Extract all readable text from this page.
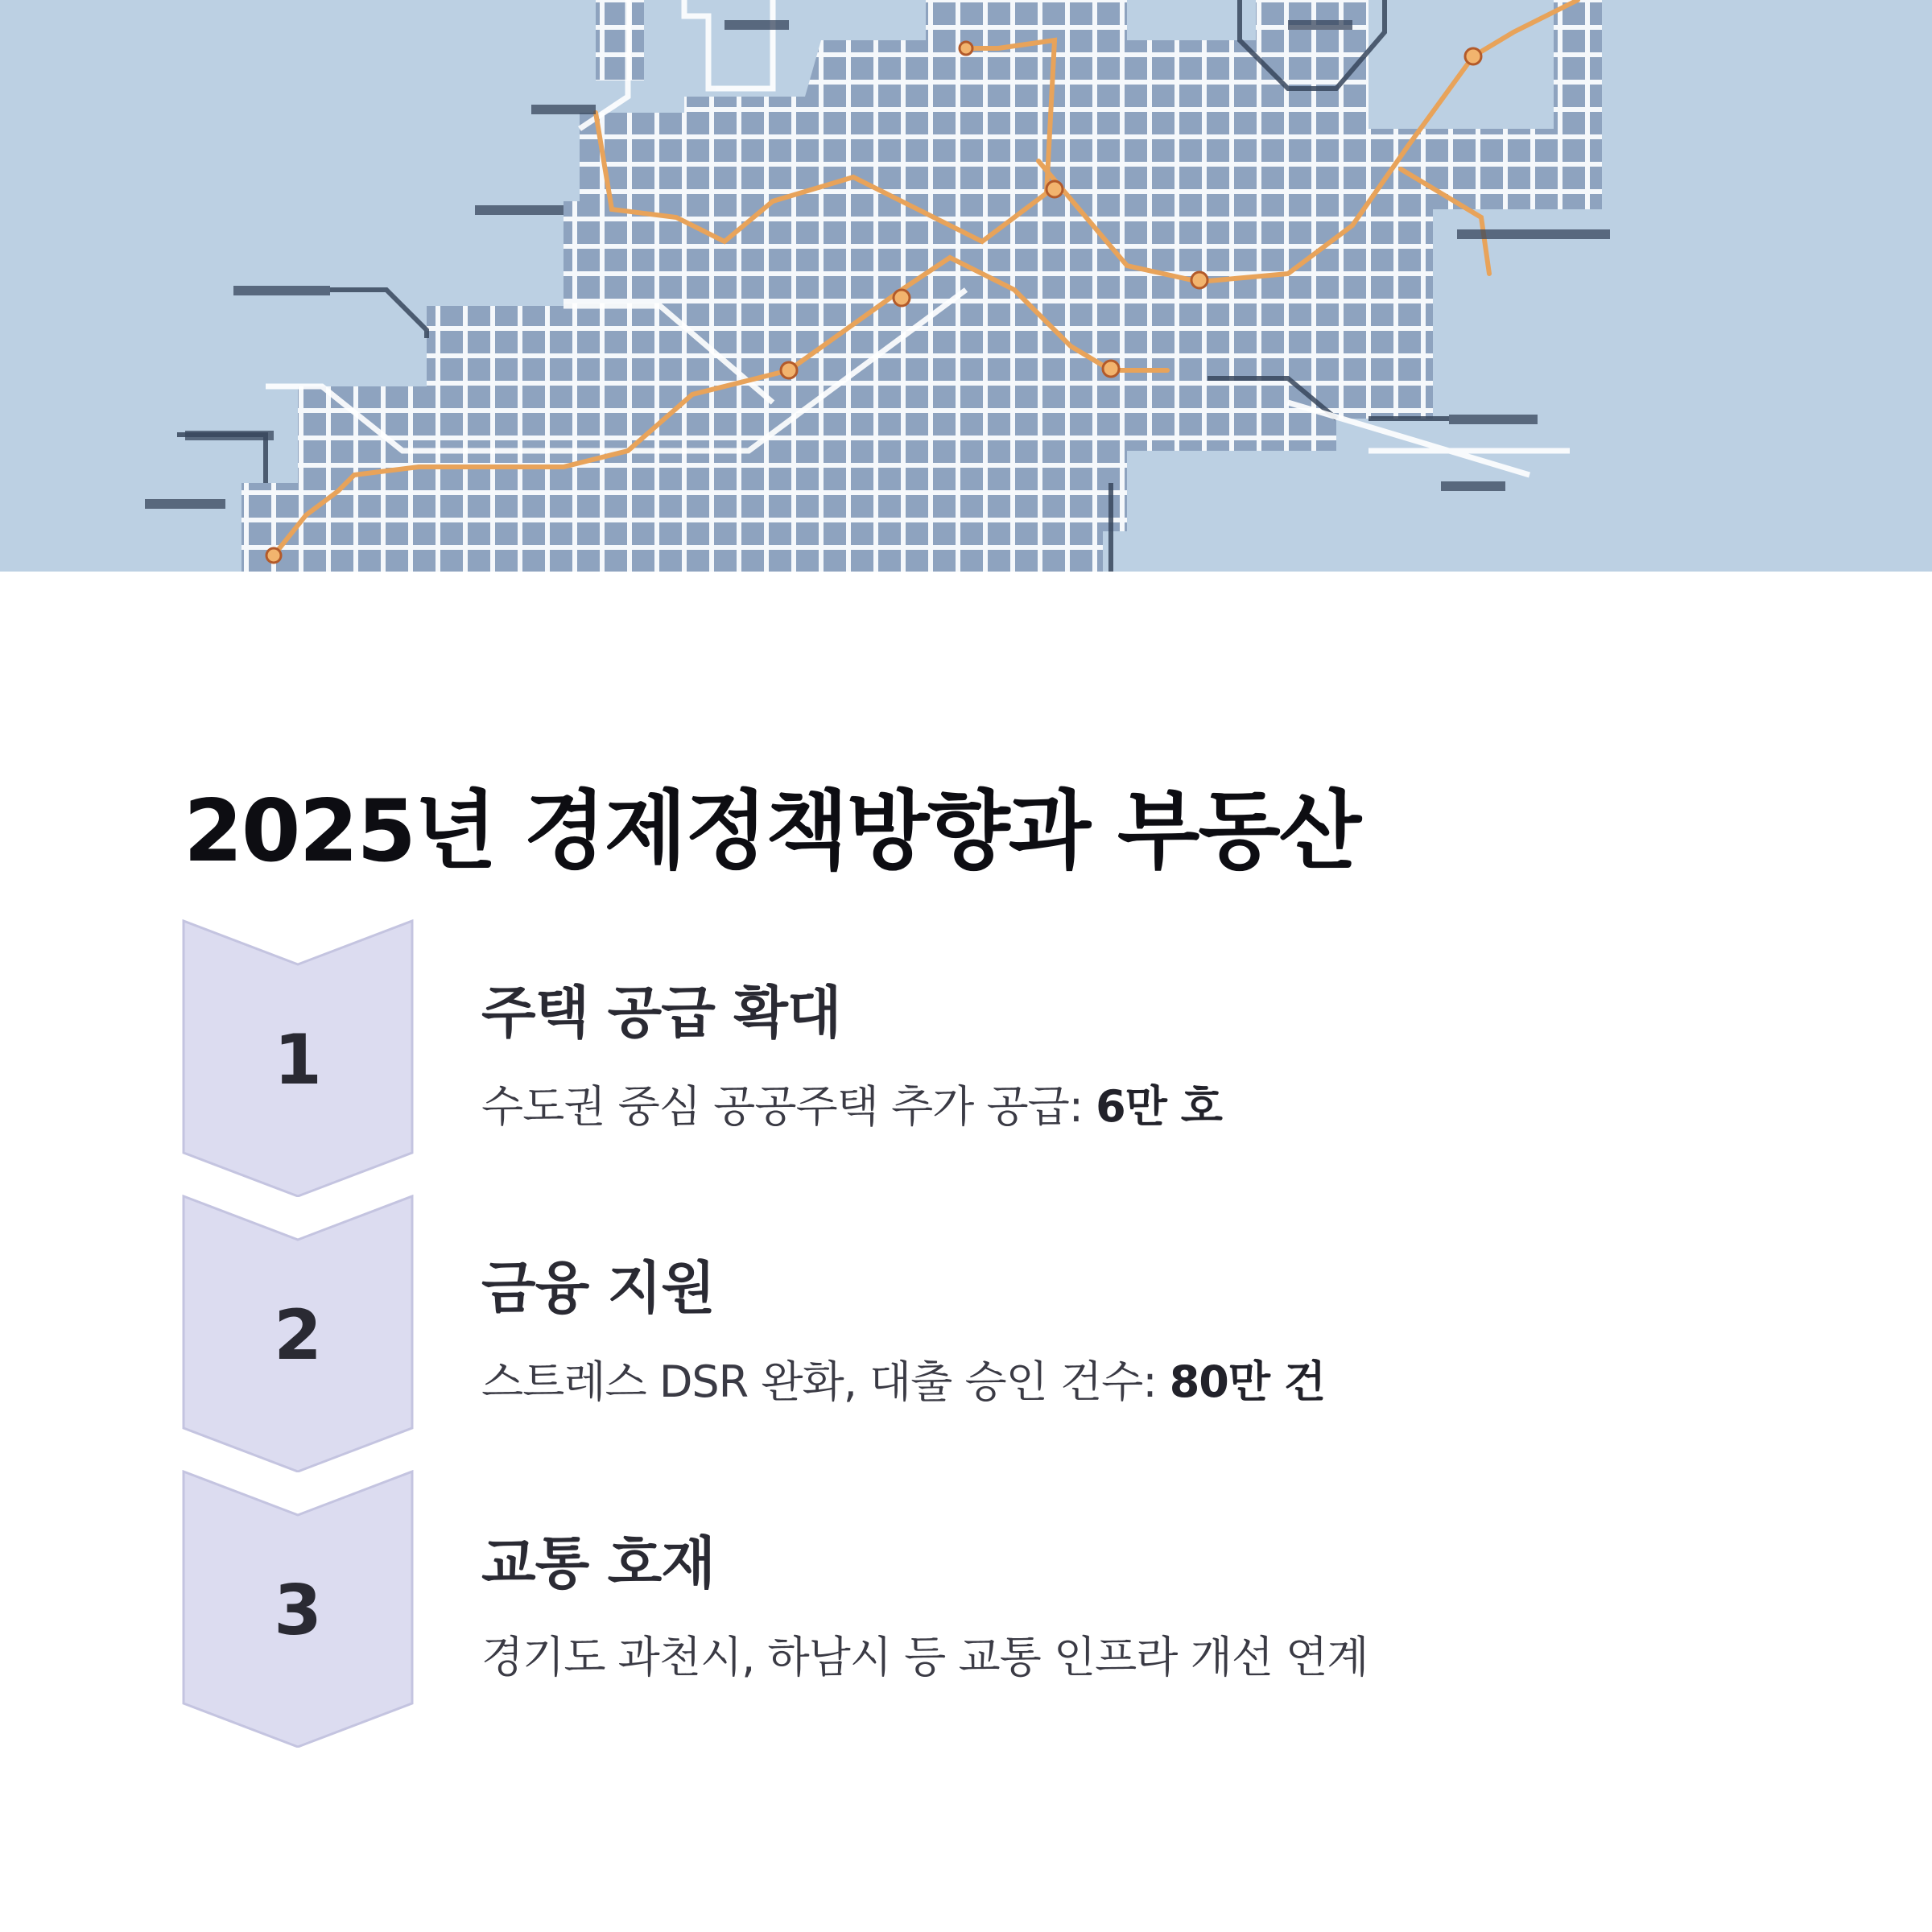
2025년 경제정책방향과 부동산
1
주택 공급 확대

수도권 중심 공공주택 추가 공급: 6만 호

2
금융 지원

스트레스 DSR 완화, 대출 승인 건수: 80만 건

3
교통 호재

경기도 과천시, 하남시 등 교통 인프라 개선 연계
